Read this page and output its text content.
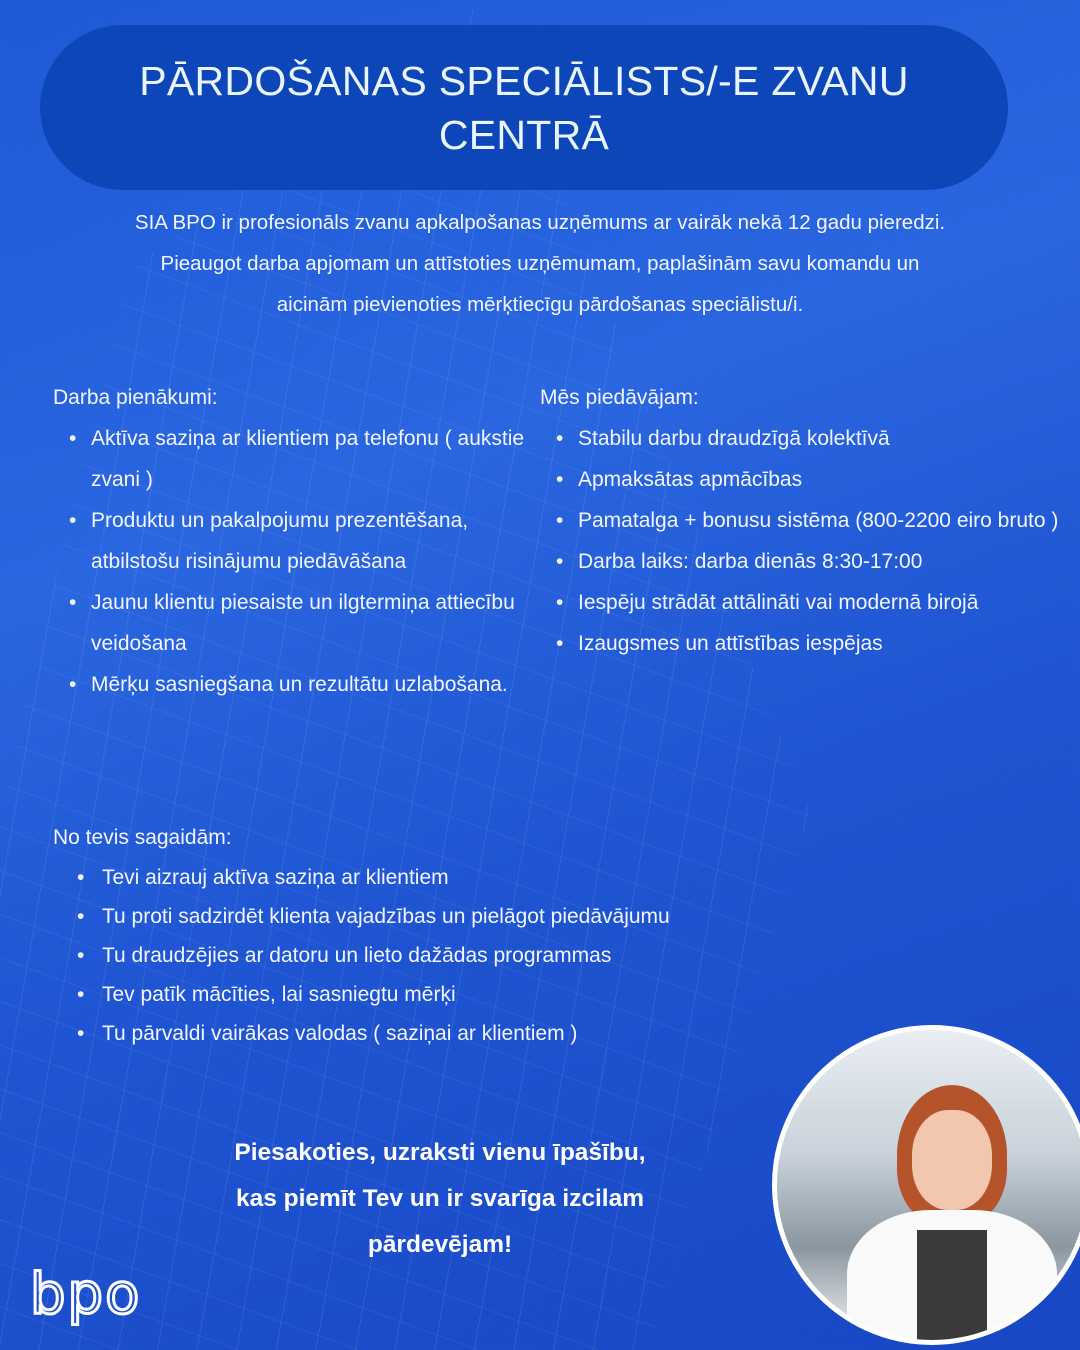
PĀRDOŠANAS SPECIĀLISTS/-E ZVANU CENTRĀ
SIA BPO ir profesionāls zvanu apkalpošanas uzņēmums ar vairāk nekā 12 gadu pieredzi.
Pieaugot darba apjomam un attīstoties uzņēmumam, paplašinām savu komandu un
aicinām pievienoties mērķtiecīgu pārdošanas speciālistu/i.
Darba pienākumi:
• Aktīva saziņa ar klientiem pa telefonu ( aukstie zvani )
• Produktu un pakalpojumu prezentēšana, atbilstošu risinājumu piedāvāšana
• Jaunu klientu piesaiste un ilgtermiņa attiecību veidošana
• Mērķu sasniegšana un rezultātu uzlabošana.
Mēs piedāvājam:
• Stabilu darbu draudzīgā kolektīvā
• Apmaksātas apmācības
• Pamatalga + bonusu sistēma (800-2200 eiro bruto )
• Darba laiks: darba dienās 8:30-17:00
• Iespēju strādāt attālināti vai modernā birojā
• Izaugsmes un attīstības iespējas
No tevis sagaidām:
• Tevi aizrauj aktīva saziņa ar klientiem
• Tu proti sadzirdēt klienta vajadzības un pielāgot piedāvājumu
• Tu draudzējies ar datoru un lieto dažādas programmas
• Tev patīk mācīties, lai sasniegtu mērķi
• Tu pārvaldi vairākas valodas ( saziņai ar klientiem )
Piesakoties, uzraksti vienu īpašību,
kas piemīt Tev un ir svarīga izcilam
pārdevējam!
bpo
